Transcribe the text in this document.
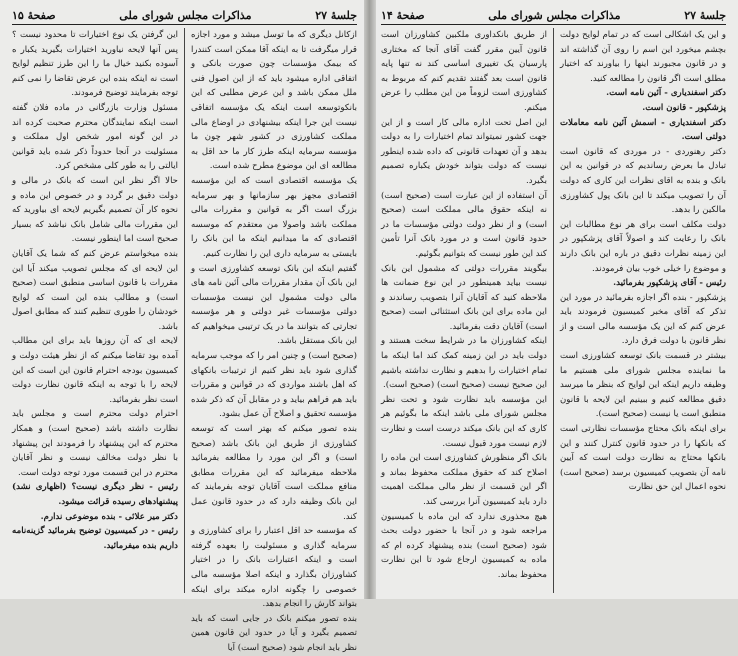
جلسهٔ ۲۷
مذاکرات مجلس شورای ملی
صفحهٔ ۱۵

ازکانل دیگری که ما توسل میشد و مورد اجازه قرار میگرفت تا به اینکه آقا ممکن است کنندرا که بیمک مؤسسات چون صورت بانکی و اتفاقی اداره میشود باید که از این اصول فنی ملل ممکن باشد و این عرض مطلبی که این بانکوتوسعه است اینکه یک مؤسسه اتفاقی نیست این جرا اینکه بیشنهادی در اوضاع مالی مملکت کشاورزی در کشور شهر چون ما مؤسسه سرمایه اینکه طرز کار ما حد اقل به مطالعه ای این موضوع مطرح شده است.

یک مؤسسه اقتصادی است که این مؤسسه اقتصادی مجهز بهر سازمانها و بهر سرمایه بزرگ است اگر به قوانین و مقررات مالی مملکت باشد واصولا من معتقدم که موسسه اقتصادی که ما میدانیم اینکه ما این بانک را بایستی به سرمایه داری این را نظارت کنیم.

گفتیم اینکه این بانک توسعه کشاورزی است و این بانک آن مقدار مقررات مالی آئین نامه های مالی دولت مشمول این نیست مؤسسات دولتی مؤسسات غیر دولتی و هر مؤسسه تجارتی که بتوانند ما در یک ترتیبی میخواهیم که این بانک مستقل باشد.

(صحیح است) و چنین امر را که موجب سرمایه گذاری شود باید نظر کنیم از ترتیبات بانکهای که اهل باشند مواردی که در قوانین و مقررات باید هم فراهم بیاید و در مقابل آن که ذکر شده مؤسسه تحقیق و اصلاح آن عمل بشود.

بنده تصور میکنم که بهتر است که توسعه کشاورزی از طریق این بانک باشد (صحیح است) و اگر این مورد را مطالعه بفرمائید ملاحظه میفرمائید که این مقررات مطابق منافع مملکت است آقایان توجه بفرمایند که این بانک وظیفه دارد که در حدود قانون عمل کند.

که مؤسسه حد اقل اعتبار را برای کشاورزی و سرمایه گذاری و مسئولیت را بعهده گرفته است و اینکه اعتبارات بانک را در اختیار کشاورزان بگذارد و اینکه اصلا مؤسسه مالی خصوصی را چگونه اداره میکند برای اینکه بتواند کارش را انجام بدهد.

بنده تصور میکنم بانک در جایی است که باید تصمیم بگیرد و آیا در حدود این قانون همین نظر باید انجام شود (صحیح است) آیا

این گرفتن یک نوع اختیارات تا محدود نیست ؟ پس آنها لایحه نیاورید اختیارات بگیرید یکبار ه آسوده بکنید خیال ما را این طرز تنظیم لوایح است نه اینکه بنده این عرض تقاضا را نمی کنم توجه بفرمایند توضیح فرمودند.

مسئول وزارت بازرگانی در ماده فلان گفته است اینکه نمایندگان محترم صحبت کرده اند در این گونه امور شخص اول مملکت و مسئولیت در آنجا حدوداً ذکر شده باید قوانین ایالتی را به طور کلی مشخص کرد.

حالا اگر نظر این است که بانک در مالی و دولت دقیق بر گردد و در خصوص این ماده و نحوه کار آن تصمیم بگیریم لایحه ای بیاورید که این مقررات مالی شامل بانک نباشد که بسیار صحیح است اما اینطور نیست.

بنده میخواستم عرض کنم که شما یک آقایان این لایحه ای که مجلس تصویب میکند آیا این مقررات با قانون اساسی منطبق است (صحیح است) و مطالب بنده این است که لوایح خودشان را طوری تنظیم کنند که مطابق اصول باشد.

لایحه ای که آن روزها باید برای این مطالب آمده بود تقاضا میکنم که از نظر هیئت دولت و کمیسیون بودجه احترام قانون این است که این لایحه را با توجه به اینکه قانون نظارت دولت است نظر بفرمائید.

احترام دولت محترم است و مجلس باید نظارت داشته باشد (صحیح است) و همکار محترم که این پیشنهاد را فرمودند این پیشنهاد با نظر دولت مخالف نیست و نظر آقایان محترم در این قسمت مورد توجه دولت است.

رئیس - نظر دیگری نیست؟ (اظهاری نشد) پیشنهادهای رسیده قرائت میشود.

دکتر میر علائی - بنده موضوعی ندارم.

رئیس - در کمیسیون توضیح بفرمائید گزینه‌نامه داریم بنده میفرمائید.

جلسهٔ ۲۷
مذاکرات مجلس شورای ملی
صفحهٔ ۱۴

و این یک اشکالی است که در تمام لوایح دولت بچشم میخورد این اسم را روی آن گذاشته اند و در قانون مجبورند اینها را بیاورند که اختیار مطلق است اگر قانون را مطالعه کنید.

دکتر اسفندیاری - آئین نامه است.

پزشکپور - قانون است.

دکتر اسفندیاری - اسمش آئین نامه معاملات دولتی است.

دکتر رهنوردی - در موردی که قانون است تبادل ما بعرض رساندیم که در قوانین به این بانک و بنده به اقای نظرات این کاری که دولت آن را تصویب میکند تا این بانک پول کشاورزی مالکین را بدهد.

دولت مکلف است برای هر نوع مطالبات این بانک را رعایت کند و اصولاً آقای پزشکپور در این زمینه نظرات دقیق در باره این بانک دارند و موضوع را خیلی خوب بیان فرمودند.

رئیس - آقای پزشکپور بفرمائید.

پزشکپور - بنده اگر اجازه بفرمائید در مورد این تذکر که آقای مخبر کمیسیون فرمودند باید عرض کنم که این یک مؤسسه مالی است و از نظر قانون با دولت فرق دارد.

بیشتر در قسمت بانک توسعه کشاورزی است ما نماینده مجلس شورای ملی هستیم ما وظیفه داریم اینکه این لوایح که بنظر ما میرسد دقیق مطالعه کنیم و ببینیم این لایحه با قانون منطبق است یا نیست (صحیح است).

برای اینکه بانک محتاج مؤسسات نظارتی است که بانکها را در حدود قانون کنترل کنند و این بانکها محتاج به نظارت دولت است که آیین نامه آن بتصویب کمیسیون برسد (صحیح است) نحوه اعمال این حق نظارت

از طریق بانکداوری ملکبین کشاورزان است قانون آیین مقرر گفت آقای آنجا که مختاری پارسیان یک تغییری اساسی کند نه تنها پایه قانون است بعد گفتند تقدیم کنم که مربوط به کشاورزی است لزوماً من این مطلب را عرض میکنم.

این اصل تحت اداره مالی کار است و از این جهت کشور نمیتواند تمام اختیارات را به دولت بدهد و آن تعهدات قانونی که داده شده اینطور نیست که دولت بتواند خودش یکباره تصمیم بگیرد.

آن استفاده از این عبارت است (صحیح است) نه اینکه حقوق مالی مملکت است (صحیح است) و از نظر دولت دولتی مؤسسات ما در حدود قانون است و در مورد بانک آنرا تأمین کند این طور نیست که بتوانیم بگوئیم.

بیگویند مقررات دولتی که مشمول این بانک نیست بیاید همینطور در این نوع ضمانت ها ملاحظه کنید که آقایان آنرا بتصویب رساندند و این ماده برای این بانک استثنائی است (صحیح است) آقایان دقت بفرمائید.

اینکه کشاورزان ما در شرایط سخت هستند و دولت باید در این زمینه کمک کند اما اینکه ما تمام اختیارات را بدهیم و نظارت نداشته باشیم این صحیح نیست (صحیح است) (صحیح است).

این مؤسسه باید نظارت شود و تحت نظر مجلس شورای ملی باشد اینکه ما بگوئیم هر کاری که این بانک میکند درست است و نظارت لازم نیست مورد قبول نیست.

بانک اگر منظورش کشاورزی است این ماده را اصلاح کند که حقوق مملکت محفوظ بماند و اگر این قسمت از نظر مالی مملکت اهمیت دارد باید کمیسیون آنرا بررسی کند.

هیچ محذوری ندارد که این ماده با کمیسیون مراجعه شود و در آنجا با حضور دولت بحث شود (صحیح است) بنده پیشنهاد کرده ام که ماده به کمیسیون ارجاع شود تا این نظارت محفوظ بماند.
